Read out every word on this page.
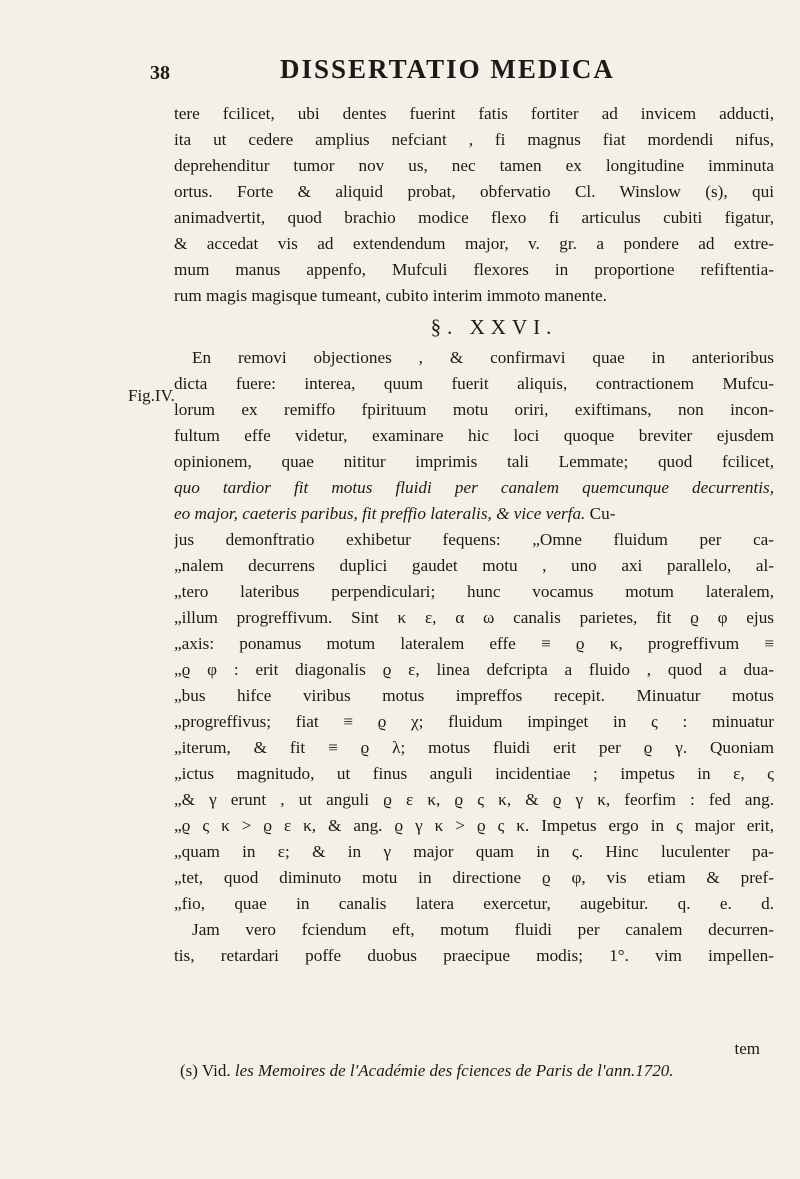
38	DISSERTATIO MEDICA
Fig.IV.
tere fcilicet, ubi dentes fuerint fatis fortiter ad invicem adducti,
ita ut cedere amplius nefciant , fi magnus fiat mordendi nifus,
deprehenditur tumor nov us, nec tamen ex longitudine imminuta
ortus. Forte & aliquid probat, obfervatio Cl. Winslow (s), qui
animadvertit, quod brachio modice flexo fi articulus cubiti figatur,
& accedat vis ad extendendum major, v. gr. a pondere ad extre-
mum manus appenfo, Mufculi flexores in proportione refiftentia-
rum magis magisque tumeant, cubito interim immoto manente.
§. XXVI.
En removi objectiones , & confirmavi quae in anterioribus
dicta fuere: interea, quum fuerit aliquis, contractionem Mufcu-
lorum ex remiffo fpirituum motu oriri, exiftimans, non incon-
fultum effe videtur, examinare hic loci quoque breviter ejusdem
opinionem, quae nititur imprimis tali Lemmate; quod fcilicet,
quo tardior fit motus fluidi per canalem quemcunque decurrentis,
eo major, caeteris paribus, fit preffio lateralis, & vice verfa. Cu-
jus demonftratio exhibetur fequens: „Omne fluidum per ca-
„nalem decurrens duplici gaudet motu , uno axi parallelo, al-
„tero lateribus perpendiculari; hunc vocamus motum lateralem,
„illum progreffivum. Sint κ ε, α ω canalis parietes, fit ϱ φ ejus
„axis: ponamus motum lateralem effe ≡ ϱ κ, progreffivum ≡
„ϱ φ : erit diagonalis ϱ ε, linea defcripta a fluido , quod a dua-
„bus hifce viribus motus impreffos recepit. Minuatur motus
„progreffivus; fiat ≡ ϱ χ; fluidum impinget in ς : minuatur
„iterum, & fit ≡ ϱ λ; motus fluidi erit per ϱ γ. Quoniam
„ictus magnitudo, ut finus anguli incidentiae ; impetus in ε, ς
„& γ erunt , ut anguli ϱ ε κ, ϱ ς κ, & ϱ γ κ, feorfim : fed ang.
„ϱ ς κ > ϱ ε κ, & ang. ϱ γ κ > ϱ ς κ. Impetus ergo in ς major erit,
„quam in ε; & in γ major quam in ς. Hinc luculenter pa-
„tet, quod diminuto motu in directione ϱ φ, vis etiam & pref-
„fio, quae in canalis latera exercetur, augebitur. q. e. d.
Jam vero fciendum eft, motum fluidi per canalem decurren-
tis, retardari poffe duobus praecipue modis; 1°. vim impellen-
tem
(s) Vid. les Memoires de l'Académie des fciences de Paris de l'ann.1720.
